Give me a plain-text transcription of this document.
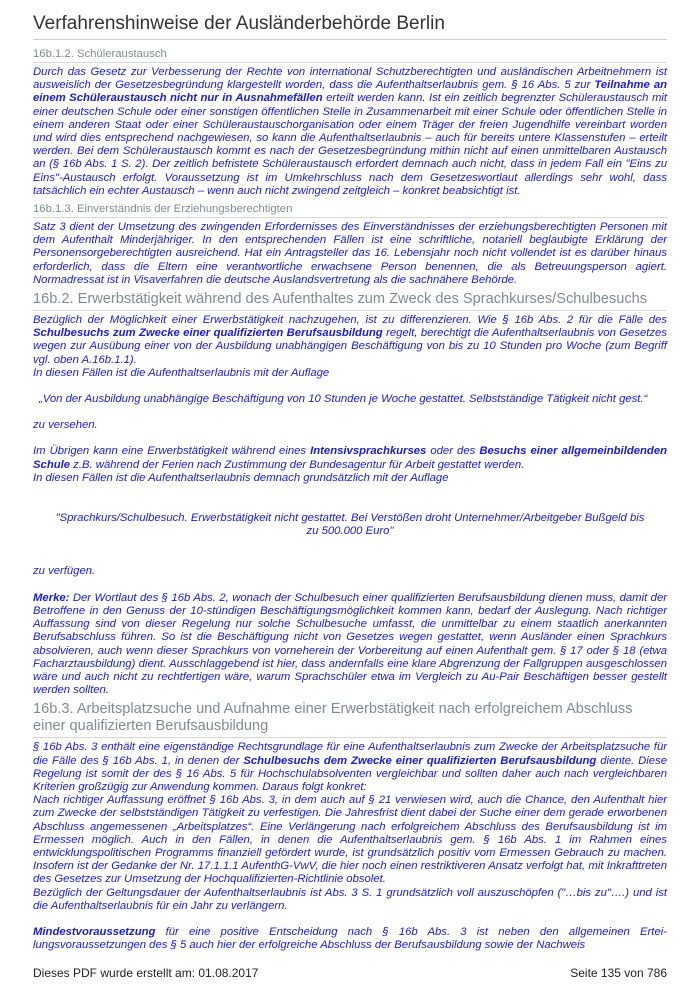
Verfahrenshinweise der Ausländerbehörde Berlin
16b.1.2. Schüleraustausch

Durch das Gesetz zur Verbesserung der Rechte von international Schutzberechtigten und ausländischen Arbeitnehmern ist ausweislich der Gesetzesbegründung klargestellt worden, dass die Aufenthaltserlaubnis gem. § 16 Abs. 5 zur Teilnahme an einem Schüleraustausch nicht nur in Ausnahmefällen erteilt werden kann. Ist ein zeitlich begrenzter Schüleraustausch mit einer deutschen Schule oder einer sonstigen öffentlichen Stelle in Zusammenarbeit mit einer Schule oder öffentlichen Stelle in einem anderen Staat oder einer Schüleraustauschorganisation oder einem Träger der freien Jugendhilfe vereinbart worden und wird dies entsprechend nachgewiesen, so kann die Aufenthaltserlaubnis – auch für bereits untere Klassenstufen – erteilt werden. Bei dem Schüleraustausch kommt es nach der Gesetzesbegründung mithin nicht auf einen unmittelbaren Austausch an (§ 16b Abs. 1 S. 2). Der zeitlich befristete Schüleraustausch erfordert demnach auch nicht, dass in jedem Fall ein "Eins zu Eins"-Austausch erfolgt. Voraussetzung ist im Umkehrschluss nach dem Gesetzeswortlaut allerdings sehr wohl, dass tatsächlich ein echter Austausch – wenn auch nicht zwingend zeitgleich – konkret beabsichtigt ist.

16b.1.3. Einverständnis der Erziehungsberechtigten

Satz 3 dient der Umsetzung des zwingenden Erfordernisses des Einverständnisses der erziehungsberechtigten Personen mit dem Aufenthalt Minderjähriger. In den entsprechenden Fällen ist eine schriftliche, notariell beglaubigte Erklärung der Personensorgeberechtigten ausreichend. Hat ein Antragsteller das 16. Lebensjahr noch nicht vollendet ist es darüber hinaus erforderlich, dass die Eltern eine verantwortliche erwachsene Person benennen, die als Betreuungsperson agiert. Normadressat ist in Visaverfahren die deutsche Auslandsvertretung als die sachnähere Behörde.

16b.2. Erwerbstätigkeit während des Aufenthaltes zum Zweck des Sprachkurses/Schulbesuchs

Bezüglich der Möglichkeit einer Erwerbstätigkeit nachzugehen, ist zu differenzieren. Wie § 16b Abs. 2 für die Fälle des Schulbesuchs zum Zwecke einer qualifizierten Berufsausbildung regelt, berechtigt die Aufenthaltserlaubnis von Gesetzes wegen zur Ausübung einer von der Ausbildung unabhängigen Beschäftigung von bis zu 10 Stunden pro Woche (zum Begriff vgl. oben A.16b.1.1).

In diesen Fällen ist die Aufenthaltserlaubnis mit der Auflage

„Von der Ausbildung unabhängige Beschäftigung von 10 Stunden je Woche gestattet. Selbstständige Tätigkeit nicht gest.“

zu versehen.

Im Übrigen kann eine Erwerbstätigkeit während eines Intensivsprachkurses oder des Besuchs einer allgemeinbildenden Schule z.B. während der Ferien nach Zustimmung der Bundesagentur für Arbeit gestattet werden.

In diesen Fällen ist die Aufenthaltserlaubnis demnach grundsätzlich mit der Auflage

"Sprachkurs/Schulbesuch. Erwerbstätigkeit nicht gestattet. Bei Verstößen droht Unternehmer/Arbeitgeber Bußgeld bis zu 500.000 Euro"

zu verfügen.

Merke: Der Wortlaut des § 16b Abs. 2, wonach der Schulbesuch einer qualifizierten Berufsausbildung dienen muss, damit der Betroffene in den Genuss der 10-stündigen Beschäftigungsmöglichkeit kommen kann, bedarf der Auslegung. Nach richtiger Auffassung sind von dieser Regelung nur solche Schulbesuche umfasst, die unmittelbar zu einem staatlich anerkannten Berufsabschluss führen. So ist die Beschäftigung nicht von Gesetzes wegen gestattet, wenn Ausländer einen Sprachkurs absolvieren, auch wenn dieser Sprachkurs von vorneherein der Vorbereitung auf einen Aufenthalt gem. § 17 oder § 18 (etwa Facharztausbildung) dient. Ausschlaggebend ist hier, dass andernfalls eine klare Abgrenzung der Fallgruppen ausgeschlossen wäre und auch nicht zu rechtfertigen wäre, warum Sprachschüler etwa im Vergleich zu Au-Pair Beschäftigen besser gestellt werden sollten.

16b.3. Arbeitsplatzsuche und Aufnahme einer Erwerbstätigkeit nach erfolgreichem Abschluss einer qualifizierten Berufsausbildung

§ 16b Abs. 3 enthält eine eigenständige Rechtsgrundlage für eine Aufenthaltserlaubnis zum Zwecke der Arbeitsplatzsuche für die Fälle des § 16b Abs. 1, in denen der Schulbesuchs dem Zwecke einer qualifizierten Berufsausbildung diente. Diese Regelung ist somit der des § 16 Abs. 5 für Hochschulabsolventen vergleichbar und sollten daher auch nach vergleichbaren Kriterien großzügig zur Anwendung kommen. Daraus folgt konkret:

Nach richtiger Auffassung eröffnet § 16b Abs. 3, in dem auch auf § 21 verwiesen wird, auch die Chance, den Aufenthalt hier zum Zwecke der selbstständigen Tätigkeit zu verfestigen. Die Jahresfrist dient dabei der Suche einer dem gerade erworbenen Abschluss angemessenen „Arbeitsplatzes“. Eine Verlängerung nach erfolgreichem Abschluss des Berufsausbildung ist im Ermessen möglich. Auch in den Fällen, in denen die Aufenthaltserlaubnis gem. § 16b Abs. 1 im Rahmen eines entwicklungspolitischen Programms finanziell gefördert wurde, ist grundsätzlich positiv vom Ermessen Gebrauch zu machen. Insofern ist der Gedanke der Nr. 17.1.1.1 AufenthG-VwV, die hier noch einen restriktiveren Ansatz verfolgt hat, mit Inkrafttreten des Gesetzes zur Umsetzung der Hochqualifizierten-Richtlinie obsolet.

Bezüglich der Geltungsdauer der Aufenthaltserlaubnis ist Abs. 3 S. 1 grundsätzlich voll auszuschöpfen ("…bis zu"….) und ist die Aufenthaltserlaubnis für ein Jahr zu verlängern.

Mindestvoraussetzung für eine positive Entscheidung nach § 16b Abs. 3 ist neben den allgemeinen Ertei-lungsvoraussetzungen des § 5 auch hier der erfolgreiche Abschluss der Berufsausbildung sowie der Nachweis

Dieses PDF wurde erstellt am: 01.08.2017	Seite 135 von 786
